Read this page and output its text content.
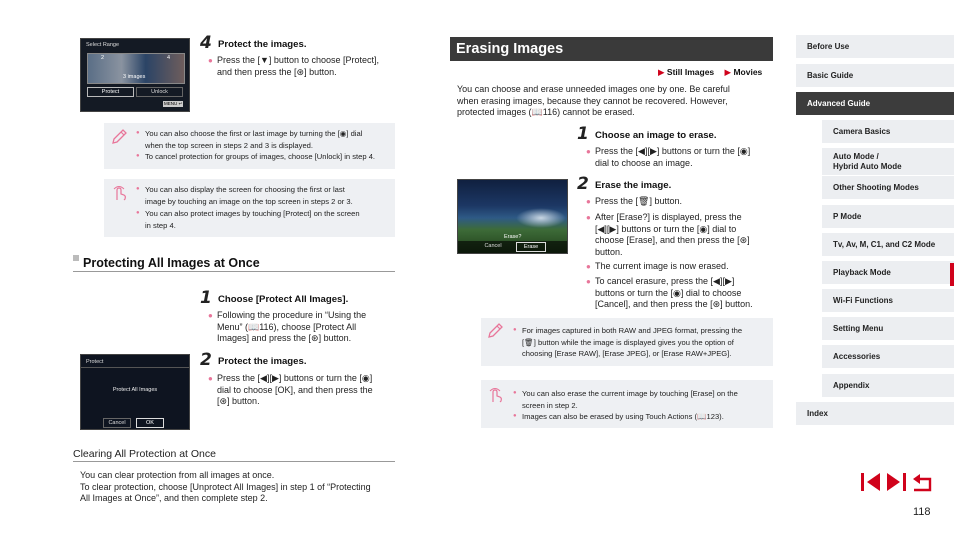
Select Range
2	4
3 images
Protect	Unlock
MENU ↵
4 Protect the images.
● Press the [▼] button to choose [Protect],
and then press the [⊛] button.
● You can also choose the first or last image by turning the [◉] dial
when the top screen in steps 2 and 3 is displayed.
● To cancel protection for groups of images, choose [Unlock] in step 4.
● You can also display the screen for choosing the first or last
image by touching an image on the top screen in steps 2 or 3.
● You can also protect images by touching [Protect] on the screen
in step 4.
Protecting All Images at Once
1 Choose [Protect All Images].
● Following the procedure in “Using the
Menu” (📖116), choose [Protect All
Images] and press the [⊛] button.
Protect
Protect All Images
Cancel	OK
2 Protect the images.
● Press the [◀][▶] buttons or turn the [◉]
dial to choose [OK], and then press the
[⊛] button.
Clearing All Protection at Once
You can clear protection from all images at once.
To clear protection, choose [Unprotect All Images] in step 1 of “Protecting
All Images at Once”, and then complete step 2.
Erasing Images
▶ Still Images ▶ Movies
You can choose and erase unneeded images one by one. Be careful
when erasing images, because they cannot be recovered. However,
protected images (📖116) cannot be erased.
1 Choose an image to erase.
● Press the [◀][▶] buttons or turn the [◉]
dial to choose an image.
Erase?
Cancel	Erase
2 Erase the image.
● Press the [🗑] button.
● After [Erase?] is displayed, press the
[◀][▶] buttons or turn the [◉] dial to
choose [Erase], and then press the [⊛]
button.
● The current image is now erased.
● To cancel erasure, press the [◀][▶]
buttons or turn the [◉] dial to choose
[Cancel], and then press the [⊛] button.
● For images captured in both RAW and JPEG format, pressing the
[🗑] button while the image is displayed gives you the option of
choosing [Erase RAW], [Erase JPEG], or [Erase RAW+JPEG].
● You can also erase the current image by touching [Erase] on the
screen in step 2.
● Images can also be erased by using Touch Actions (📖123).
Before Use
Basic Guide
Advanced Guide
Camera Basics
Auto Mode /
Hybrid Auto Mode
Other Shooting Modes
P Mode
Tv, Av, M, C1, and C2 Mode
Playback Mode
Wi-Fi Functions
Setting Menu
Accessories
Appendix
Index
118
